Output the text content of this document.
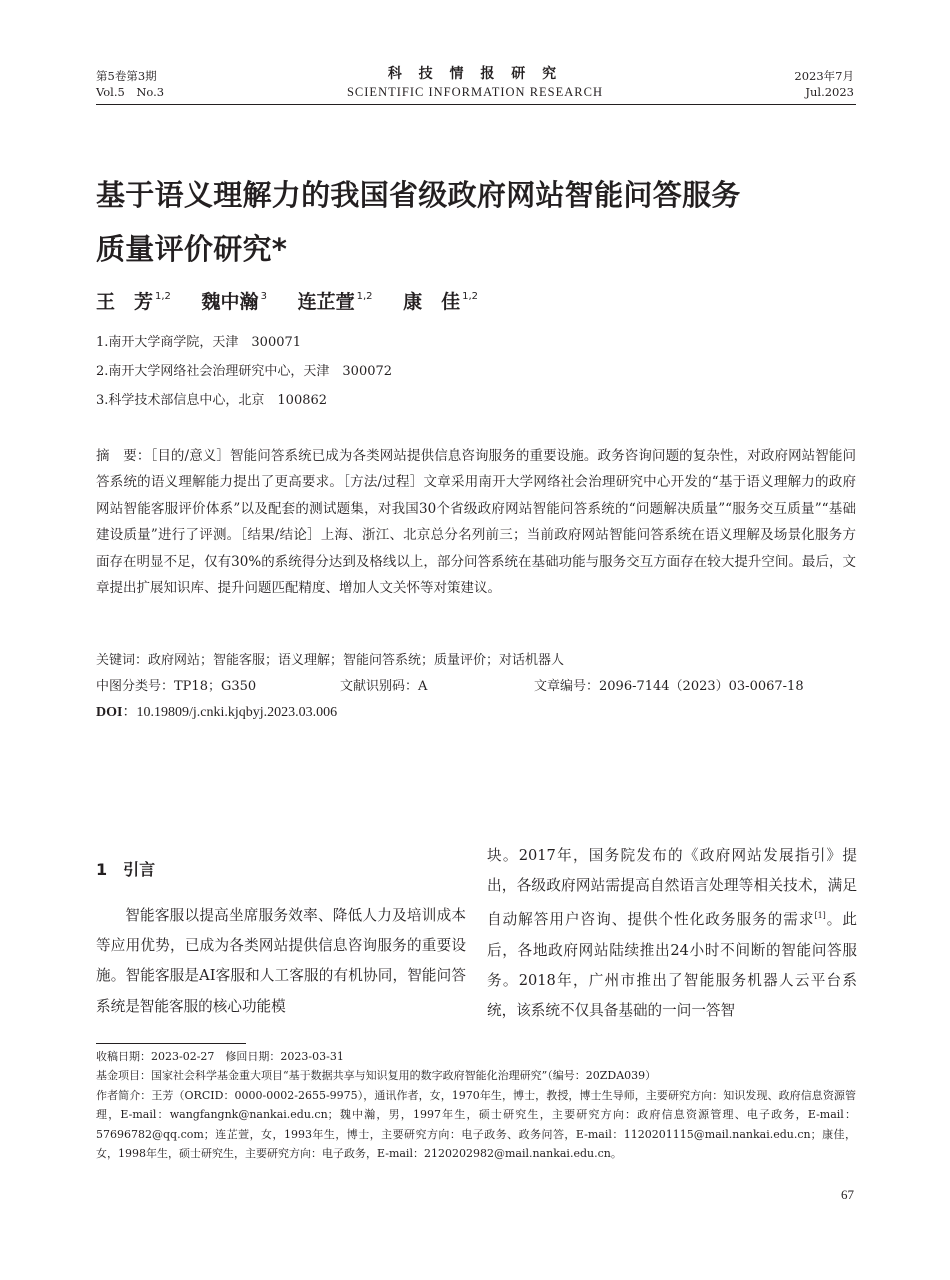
第5卷第3期
Vol.5　No.3
科 技 情 报 研 究
SCIENTIFIC INFORMATION RESEARCH
2023年7月
Jul.2023
基于语义理解力的我国省级政府网站智能问答服务
质量评价研究*
王　芳 $^{1,2}$ 魏中瀚 $^3$ 连芷萱 $^{1,2}$ 康　佳 $^{1,2}$
1.南开大学商学院，天津　300071
2.南开大学网络社会治理研究中心，天津　300072
3.科学技术部信息中心，北京　100862
摘　要：［目的/意义］智能问答系统已成为各类网站提供信息咨询服务的重要设施。政务咨询问题的复杂性，对政府网站智能问答系统的语义理解能力提出了更高要求。［方法/过程］文章采用南开大学网络社会治理研究中心开发的“基于语义理解力的政府网站智能客服评价体系”以及配套的测试题集，对我国30个省级政府网站智能问答系统的“问题解决质量”“服务交互质量”“基础建设质量”进行了评测。［结果/结论］上海、浙江、北京总分名列前三；当前政府网站智能问答系统在语义理解及场景化服务方面存在明显不足，仅有30%的系统得分达到及格线以上，部分问答系统在基础功能与服务交互方面存在较大提升空间。最后，文章提出扩展知识库、提升问题匹配精度、增加人文关怀等对策建议。
关键词：政府网站；智能客服；语义理解；智能问答系统；质量评价；对话机器人
中图分类号：TP18；G350	文献识别码：A	文章编号：2096-7144（2023）03-0067-18
DOI：10.19809/j.cnki.kjqbyj.2023.03.006
1　引言
智能客服以提高坐席服务效率、降低人力及培训成本等应用优势，已成为各类网站提供信息咨询服务的重要设施。智能客服是AI客服和人工客服的有机协同，智能问答系统是智能客服的核心功能模
块。2017年，国务院发布的《政府网站发展指引》提出，各级政府网站需提高自然语言处理等相关技术，满足自动解答用户咨询、提供个性化政务服务的需求[1]。此后，各地政府网站陆续推出24小时不间断的智能问答服务。2018年，广州市推出了智能服务机器人云平台系统，该系统不仅具备基础的一问一答智

收稿日期：2023-02-27　修回日期：2023-03-31

基金项目：国家社会科学基金重大项目“基于数据共享与知识复用的数字政府智能化治理研究”（编号：20ZDA039）

作者简介：王芳（ORCID：0000-0002-2655-9975），通讯作者，女，1970年生，博士，教授，博士生导师，主要研究方向：知识发现、政府信息资源管理，E-mail：wangfangnk@nankai.edu.cn；魏中瀚，男，1997年生，硕士研究生，主要研究方向：政府信息资源管理、电子政务，E-mail：57696782@qq.com；连芷萱，女，1993年生，博士，主要研究方向：电子政务、政务问答，E-mail：1120201115@mail.nankai.edu.cn；康佳，女，1998年生，硕士研究生，主要研究方向：电子政务，E-mail：2120202982@mail.nankai.edu.cn。

67
